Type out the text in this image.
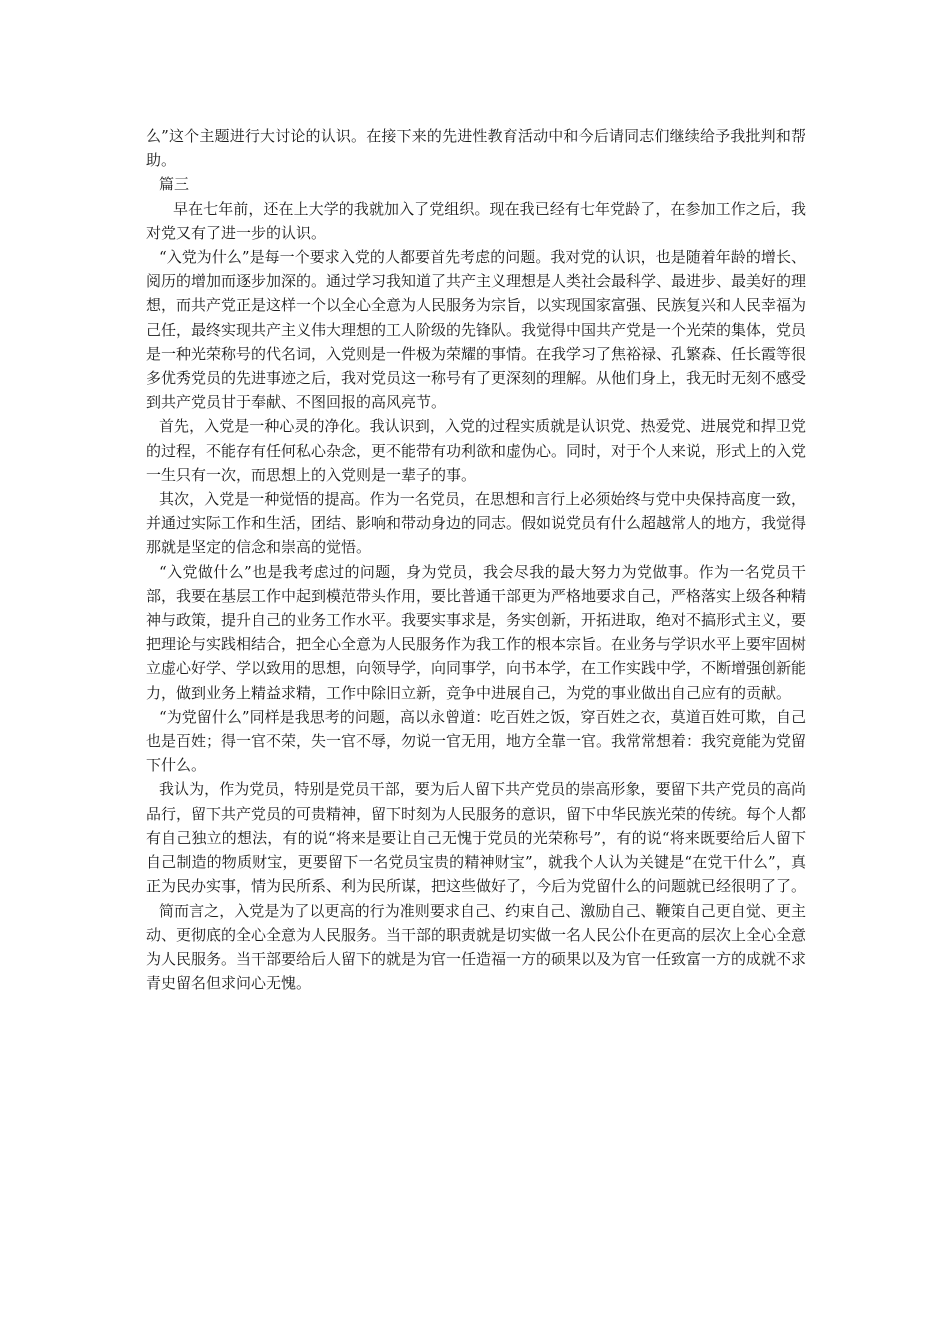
么”这个主题进行大讨论的认识。在接下来的先进性教育活动中和今后请同志们继续给予我批判和帮助。

篇三

早在七年前，还在上大学的我就加入了党组织。现在我已经有七年党龄了，在参加工作之后，我对党又有了进一步的认识。

“入党为什么”是每一个要求入党的人都要首先考虑的问题。我对党的认识，也是随着年龄的增长、阅历的增加而逐步加深的。通过学习我知道了共产主义理想是人类社会最科学、最进步、最美好的理想，而共产党正是这样一个以全心全意为人民服务为宗旨，以实现国家富强、民族复兴和人民幸福为己任，最终实现共产主义伟大理想的工人阶级的先锋队。我觉得中国共产党是一个光荣的集体，党员是一种光荣称号的代名词，入党则是一件极为荣耀的事情。在我学习了焦裕禄、孔繁森、任长霞等很多优秀党员的先进事迹之后，我对党员这一称号有了更深刻的理解。从他们身上，我无时无刻不感受到共产党员甘于奉献、不图回报的高风亮节。

首先，入党是一种心灵的净化。我认识到，入党的过程实质就是认识党、热爱党、进展党和捍卫党的过程，不能存有任何私心杂念，更不能带有功利欲和虚伪心。同时，对于个人来说，形式上的入党一生只有一次，而思想上的入党则是一辈子的事。

其次，入党是一种觉悟的提高。作为一名党员，在思想和言行上必须始终与党中央保持高度一致，并通过实际工作和生活，团结、影响和带动身边的同志。假如说党员有什么超越常人的地方，我觉得那就是坚定的信念和崇高的觉悟。

“入党做什么”也是我考虑过的问题，身为党员，我会尽我的最大努力为党做事。作为一名党员干部，我要在基层工作中起到模范带头作用，要比普通干部更为严格地要求自己，严格落实上级各种精神与政策，提升自己的业务工作水平。我要实事求是，务实创新，开拓进取，绝对不搞形式主义，要把理论与实践相结合，把全心全意为人民服务作为我工作的根本宗旨。在业务与学识水平上要牢固树立虚心好学、学以致用的思想，向领导学，向同事学，向书本学，在工作实践中学，不断增强创新能力，做到业务上精益求精，工作中除旧立新，竞争中进展自己，为党的事业做出自己应有的贡献。

“为党留什么”同样是我思考的问题，高以永曾道：吃百姓之饭，穿百姓之衣，莫道百姓可欺，自己也是百姓；得一官不荣，失一官不辱，勿说一官无用，地方全靠一官。我常常想着：我究竟能为党留下什么。

我认为，作为党员，特别是党员干部，要为后人留下共产党员的崇高形象，要留下共产党员的高尚品行，留下共产党员的可贵精神，留下时刻为人民服务的意识，留下中华民族光荣的传统。每个人都有自己独立的想法，有的说“将来是要让自己无愧于党员的光荣称号”，有的说“将来既要给后人留下自己制造的物质财宝，更要留下一名党员宝贵的精神财宝”，就我个人认为关键是“在党干什么”，真正为民办实事，情为民所系、利为民所谋，把这些做好了，今后为党留什么的问题就已经很明了了。

简而言之，入党是为了以更高的行为准则要求自己、约束自己、激励自己、鞭策自己更自觉、更主动、更彻底的全心全意为人民服务。当干部的职责就是切实做一名人民公仆在更高的层次上全心全意为人民服务。当干部要给后人留下的就是为官一任造福一方的硕果以及为官一任致富一方的成就不求青史留名但求问心无愧。
